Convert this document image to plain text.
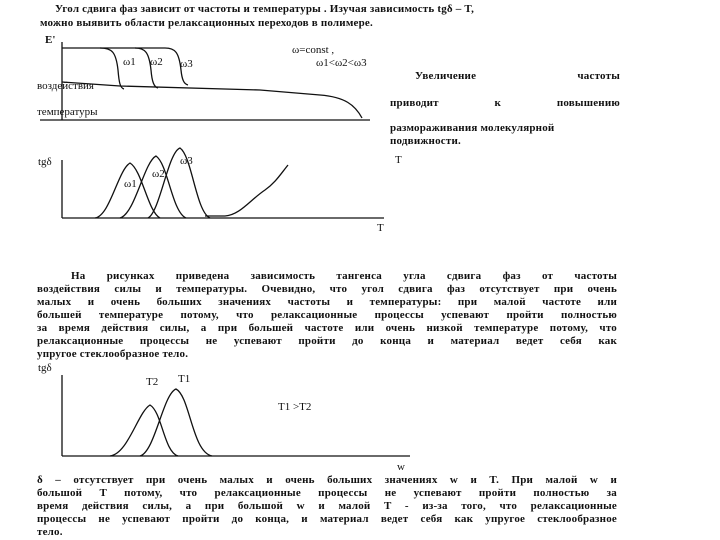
Угол сдвига фаз зависит от частоты и температуры . Изучая зависимость tgδ – T,
можно выявить области релаксационных переходов в полимере.
E'
ω1 ω2 ω3
ω=const ,
ω1<ω2<ω3
воздействия
температуры
T
tgδ
ω1
ω2
ω3
T
Увеличение	частоты
приводит	к	повышению
размораживания молекулярной
подвижности.
На рисунках приведена зависимость тангенса угла сдвига фаз от частоты
воздействия силы и температуры. Очевидно, что угол сдвига фаз отсутствует при очень
малых и очень больших значениях частоты и температуры: при малой частоте или
большей температуре потому, что релаксационные процессы успевают пройти полностью
за время действия силы, а при большей частоте или очень низкой температуре потому, что
релаксационные процессы не успевают пройти до конца и материал ведет себя как
упругое стеклообразное тело.
tgδ
T2 T1
T1 >T2
w
δ – отсутствует при очень малых и очень больших значениях w и T. При малой w и
большой T потому, что релаксационные процессы не успевают пройти полностью за
время действия силы, а при большой w и малой T - из-за того, что релаксационные
процессы не успевают пройти до конца, и материал ведет себя как упругое стеклообразное
тело.
